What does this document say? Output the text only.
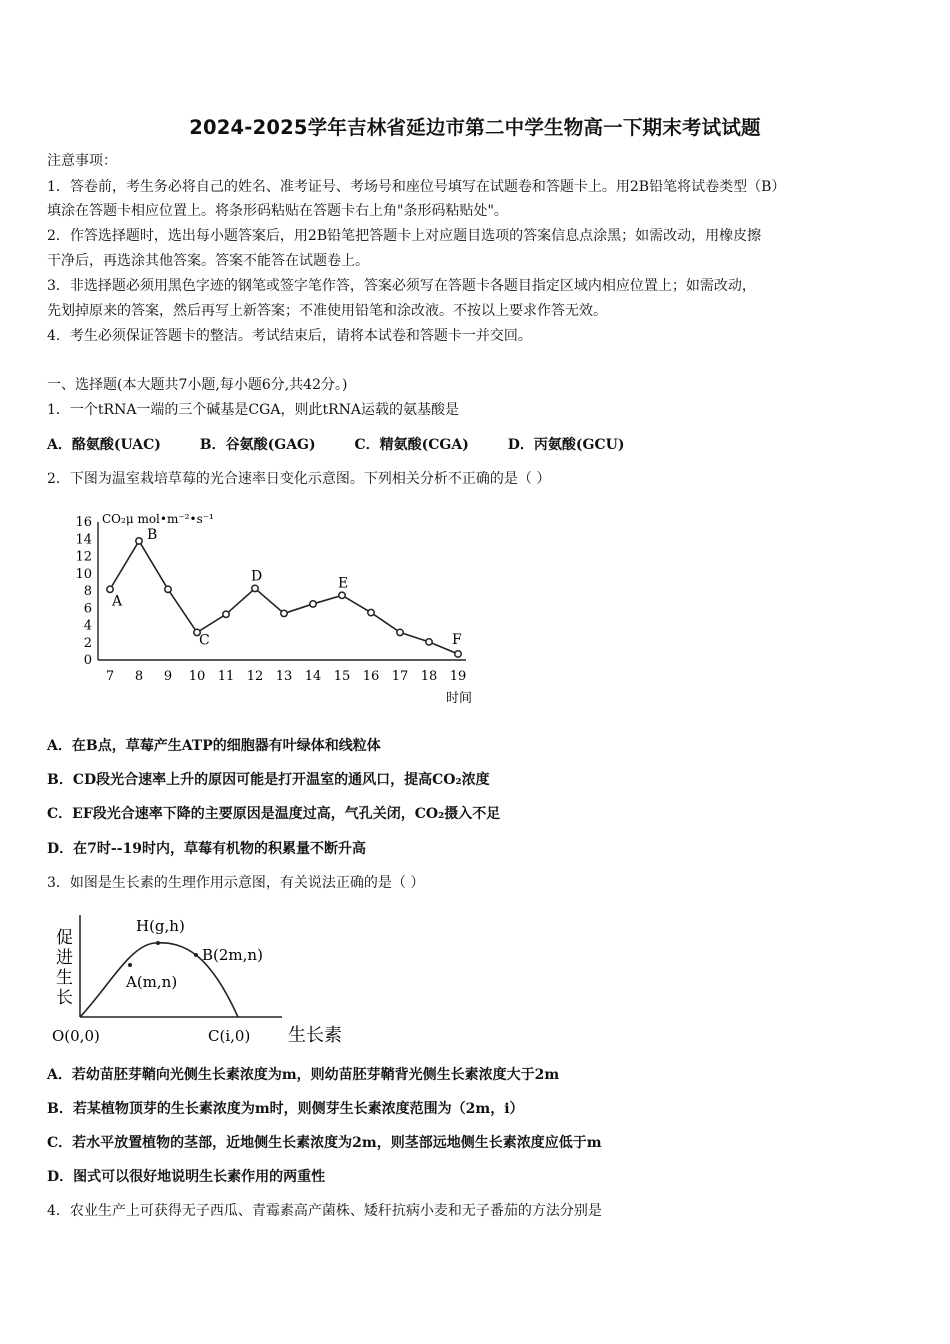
2024-2025学年吉林省延边市第二中学生物高一下期末考试试题
注意事项：
1．答卷前，考生务必将自己的姓名、准考证号、考场号和座位号填写在试题卷和答题卡上。用2B铅笔将试卷类型（B）
填涂在答题卡相应位置上。将条形码粘贴在答题卡右上角"条形码粘贴处"。
2．作答选择题时，选出每小题答案后，用2B铅笔把答题卡上对应题目选项的答案信息点涂黑；如需改动，用橡皮擦
干净后，再选涂其他答案。答案不能答在试题卷上。
3．非选择题必须用黑色字迹的钢笔或签字笔作答，答案必须写在答题卡各题目指定区域内相应位置上；如需改动，
先划掉原来的答案，然后再写上新答案；不准使用铅笔和涂改液。不按以上要求作答无效。
4．考生必须保证答题卡的整洁。考试结束后，请将本试卷和答题卡一并交回。
一、选择题(本大题共7小题,每小题6分,共42分。)
1．一个tRNA一端的三个碱基是CGA，则此tRNA运载的氨基酸是
A．酪氨酸(UAC)	B．谷氨酸(GAG)	C．精氨酸(CGA)	D．丙氨酸(GCU)
2．下图为温室栽培草莓的光合速率日变化示意图。下列相关分析不正确的是（ ）
0
2
4
6
8
10
12
14
16
7 8 9 10 11 12 13 14 15 16 17 18 19
A
B
C
D	E
F
CO₂μ mol•m⁻²•s⁻¹
时间
A．在B点，草莓产生ATP的细胞器有叶绿体和线粒体
B．CD段光合速率上升的原因可能是打开温室的通风口，提高CO₂浓度
C．EF段光合速率下降的主要原因是温度过高，气孔关闭，CO₂摄入不足
D．在7时--19时内，草莓有机物的积累量不断升高
3．如图是生长素的生理作用示意图，有关说法正确的是（ ）
促 进 生 长
O(0,0)
A(m,n)
H(g,h)
B(2m,n)
C(i,0) 生长素
A．若幼苗胚芽鞘向光侧生长素浓度为m，则幼苗胚芽鞘背光侧生长素浓度大于2m
B．若某植物顶芽的生长素浓度为m时，则侧芽生长素浓度范围为（2m，i）
C．若水平放置植物的茎部，近地侧生长素浓度为2m，则茎部远地侧生长素浓度应低于m
D．图式可以很好地说明生长素作用的两重性
4．农业生产上可获得无子西瓜、青霉素高产菌株、矮秆抗病小麦和无子番茄的方法分别是
